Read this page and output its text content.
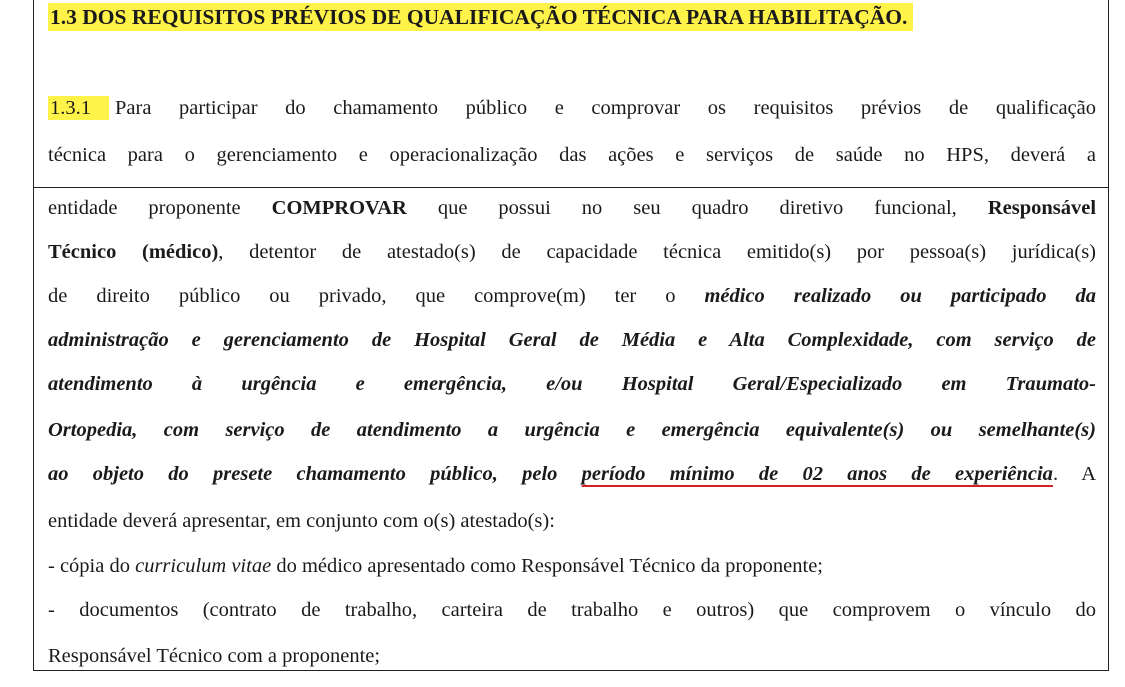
1.3 DOS REQUISITOS PRÉVIOS DE QUALIFICAÇÃO TÉCNICA PARA HABILITAÇÃO.
1.3.1 Para participar do chamamento público e comprovar os requisitos prévios de qualificação
técnica para o gerenciamento e operacionalização das ações e serviços de saúde no HPS, deverá a
entidade proponente COMPROVAR que possui no seu quadro diretivo funcional, Responsável
Técnico (médico), detentor de atestado(s) de capacidade técnica emitido(s) por pessoa(s) jurídica(s)
de direito público ou privado, que comprove(m) ter o médico realizado ou participado da
administração e gerenciamento de Hospital Geral de Média e Alta Complexidade, com serviço de
atendimento à urgência e emergência, e/ou Hospital Geral/Especializado em Traumato-
Ortopedia, com serviço de atendimento a urgência e emergência equivalente(s) ou semelhante(s)
ao objeto do presete chamamento público, pelo período mínimo de 02 anos de experiência. A
entidade deverá apresentar, em conjunto com o(s) atestado(s):
- cópia do curriculum vitae do médico apresentado como Responsável Técnico da proponente;
- documentos (contrato de trabalho, carteira de trabalho e outros) que comprovem o vínculo do
Responsável Técnico com a proponente;
